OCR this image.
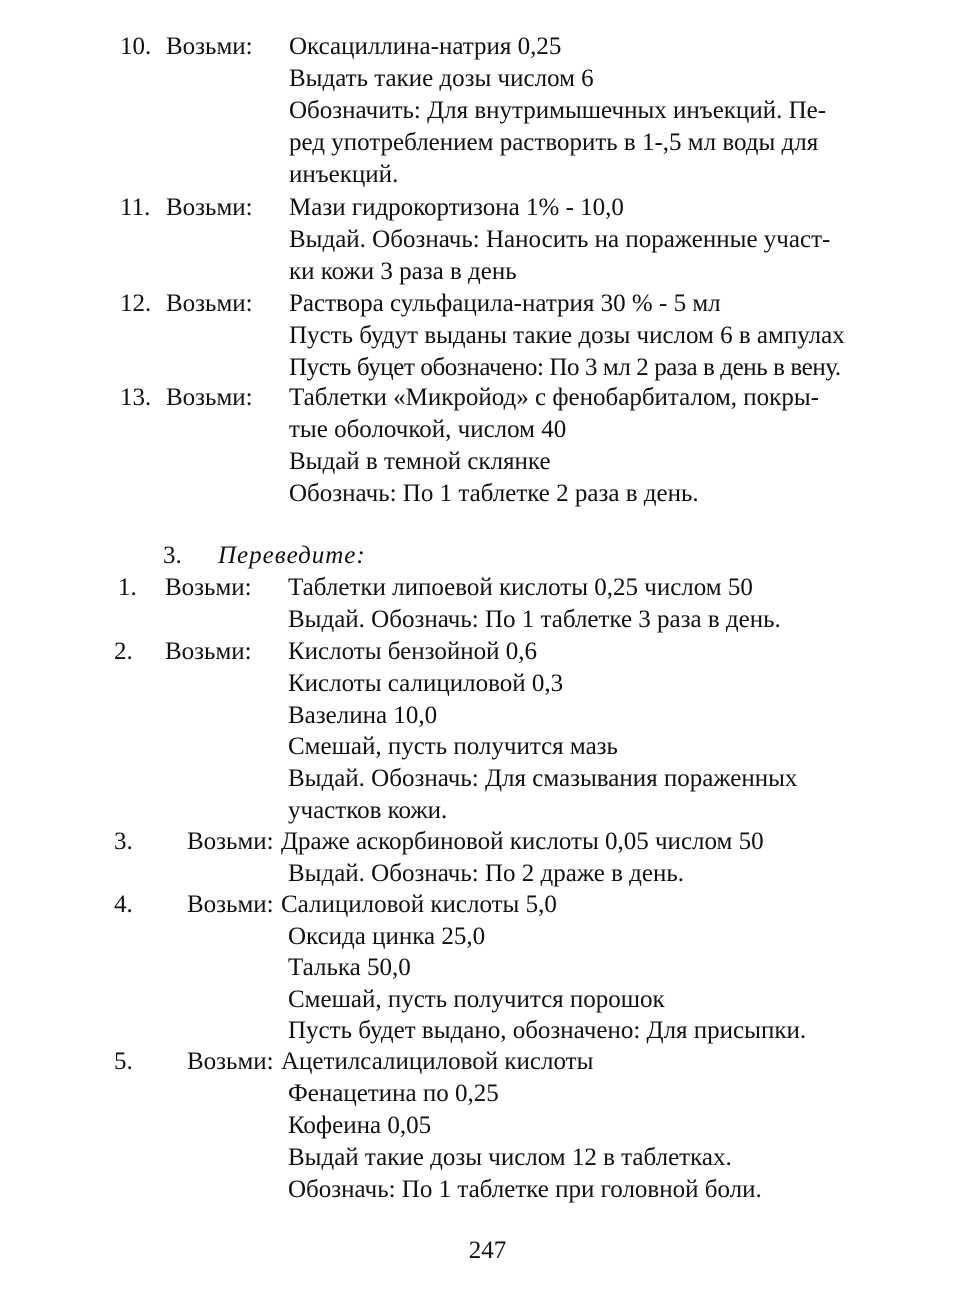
10. Возьми: Оксациллина-натрия 0,25
Выдать такие дозы числом 6
Обозначить: Для внутримышечных инъекций. Пе-
ред употреблением растворить в 1-,5 мл воды для
инъекций.
11. Возьми: Мази гидрокортизона 1% - 10,0
Выдай. Обозначь: Наносить на пораженные участ-
ки кожи 3 раза в день
12. Возьми: Раствора сульфацила-натрия 30 % - 5 мл
Пусть будут выданы такие дозы числом 6 в ампулах
Пусть буцет обозначено: По 3 мл 2 раза в день в вену.
13. Возьми: Таблетки «Микройод» с фенобарбиталом, покры-
тые оболочкой, числом 40
Выдай в темной склянке
Обозначь: По 1 таблетке 2 раза в день.
3. Переведите:
1. Возьми: Таблетки липоевой кислоты 0,25 числом 50
Выдай. Обозначь: По 1 таблетке 3 раза в день.
2. Возьми: Кислоты бензойной 0,6
Кислоты салициловой 0,3
Вазелина 10,0
Смешай, пусть получится мазь
Выдай. Обозначь: Для смазывания пораженных
участков кожи.
3. Возьми: Драже аскорбиновой кислоты 0,05 числом 50
Выдай. Обозначь: По 2 драже в день.
4. Возьми: Салициловой кислоты 5,0
Оксида цинка 25,0
Талька 50,0
Смешай, пусть получится порошок
Пусть будет выдано, обозначено: Для присыпки.
5. Возьми: Ацетилсалициловой кислоты
Фенацетина по 0,25
Кофеина 0,05
Выдай такие дозы числом 12 в таблетках.
Обозначь: По 1 таблетке при головной боли.
247
